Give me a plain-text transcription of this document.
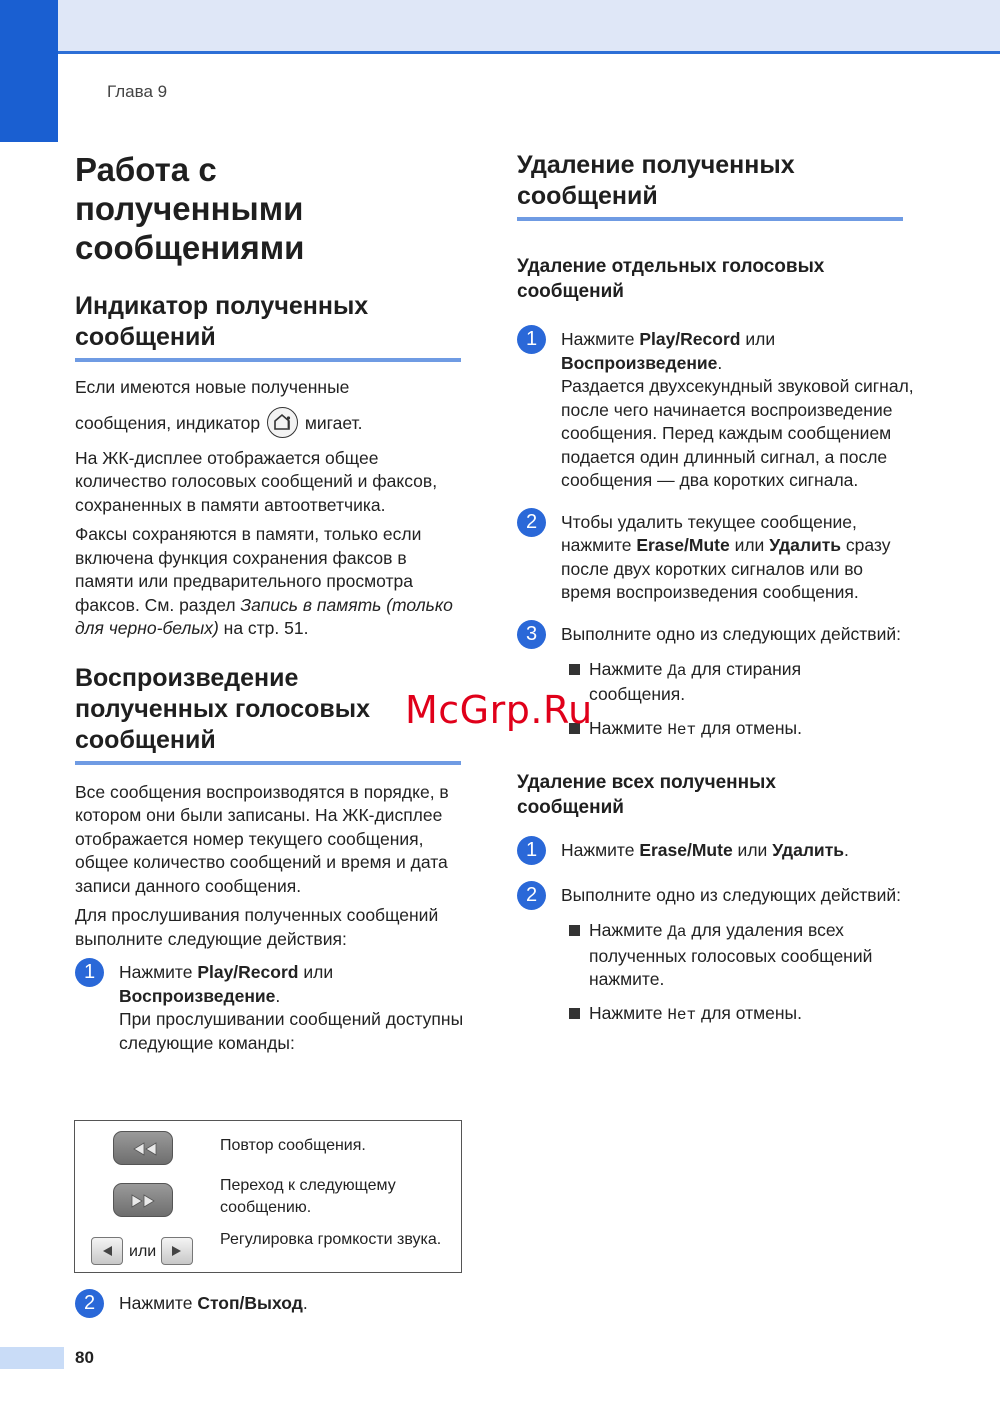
Глава 9
Работа с полученными сообщениями
Индикатор полученных сообщений

Если имеются новые полученные
сообщения, индикатор	мигает.

На ЖК-дисплее отображается общее количество голосовых сообщений и факсов, сохраненных в памяти автоответчика.

Факсы сохраняются в памяти, только если включена функция сохранения факсов в памяти или предварительного просмотра факсов. См. раздел Запись в память (только для черно-белых) на стр. 51.

Воспроизведение полученных голосовых сообщений

Все сообщения воспроизводятся в порядке, в котором они были записаны. На ЖК-дисплее отображается номер текущего сообщения, общее количество сообщений и время и дата записи данного сообщения.

Для прослушивания полученных сообщений выполните следующие действия:

1	Нажмите Play/Record или
Воспроизведение.
При прослушивании сообщений доступны следующие команды:
Повтор сообщения.
Переход к следующему сообщению.
или
Регулировка громкости звука.
2	Нажмите Стоп/Выход.
Удаление полученных сообщений
Удаление отдельных голосовых сообщений
1	Нажмите Play/Record или
Воспроизведение.
Раздается двухсекундный звуковой сигнал, после чего начинается воспроизведение сообщения. Перед каждым сообщением подается один длинный сигнал, а после сообщения — два коротких сигнала.
2	Чтобы удалить текущее сообщение, нажмите Erase/Mute или Удалить сразу после двух коротких сигналов или во время воспроизведения сообщения.
3	Выполните одно из следующих действий:
Нажмите Да для стирания сообщения.
Нажмите Нет для отмены.
Удаление всех полученных сообщений
1	Нажмите Erase/Mute или Удалить.
2	Выполните одно из следующих действий:
Нажмите Да для удаления всех полученных голосовых сообщений нажмите.
Нажмите Нет для отмены.
McGrp.Ru
80
